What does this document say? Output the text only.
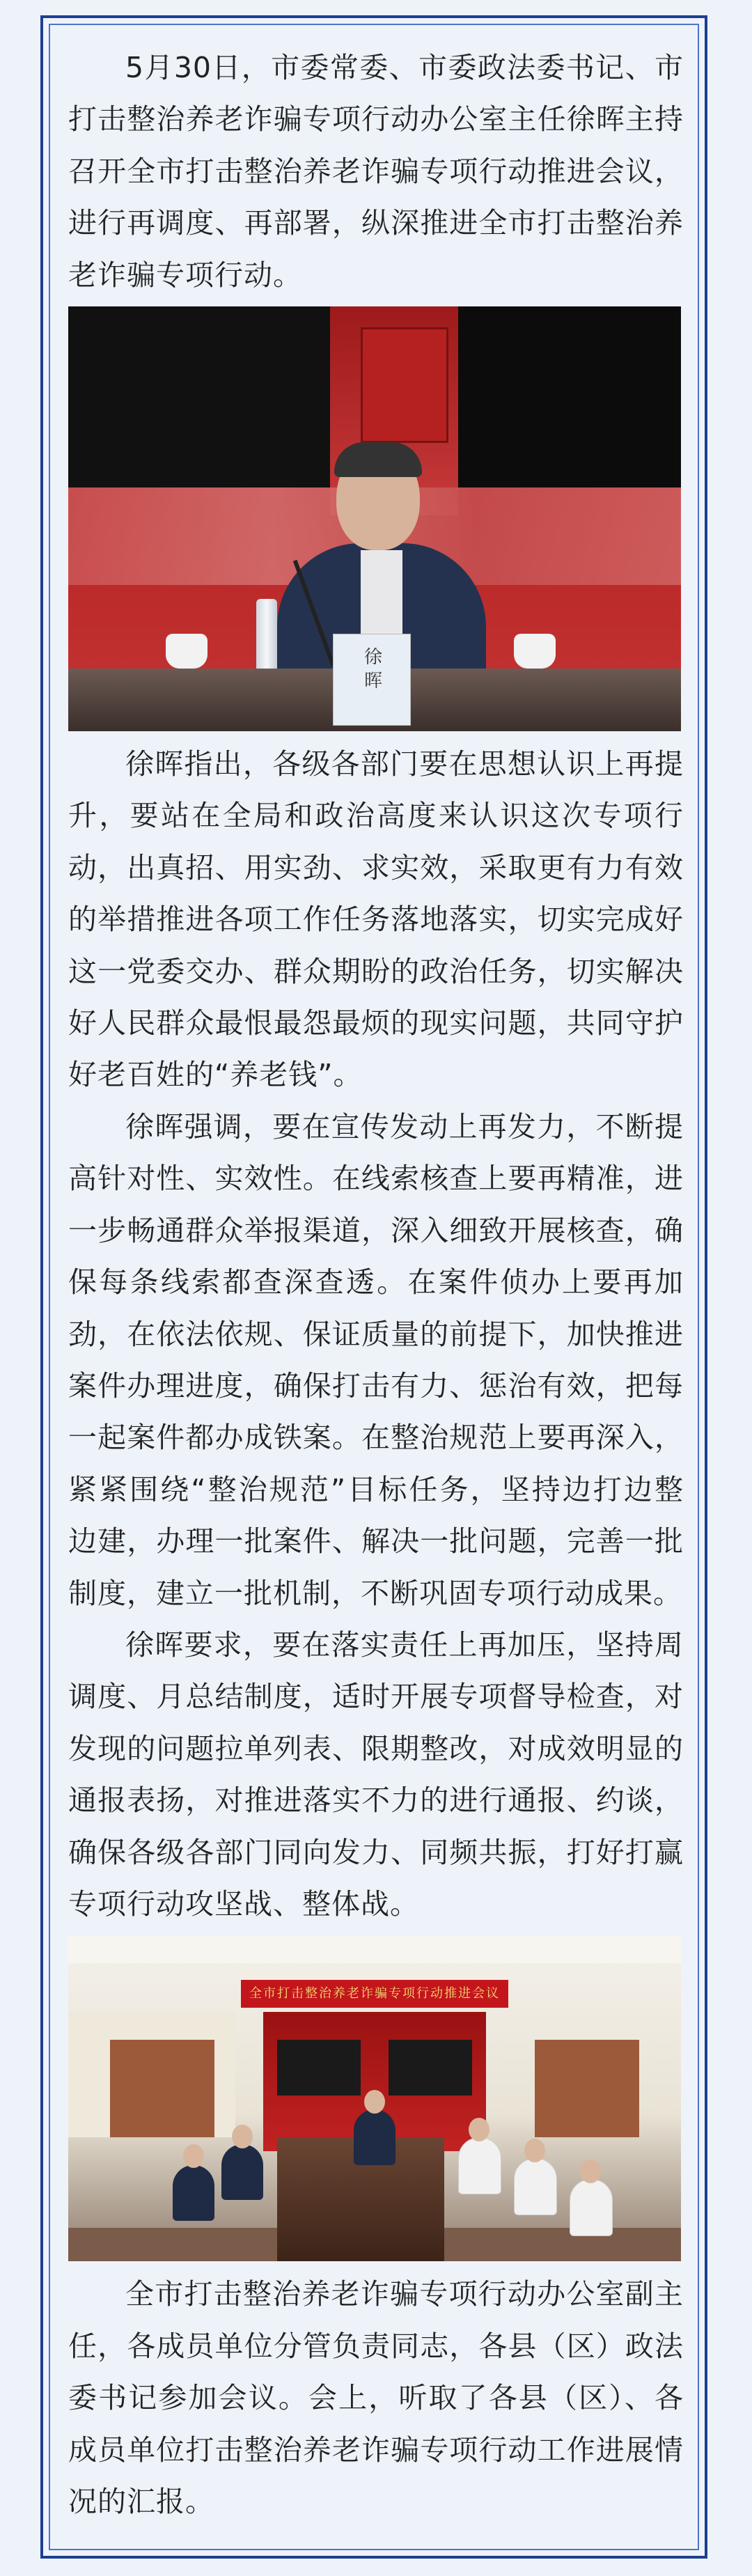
5月30日，市委常委、市委政法委书记、市打击整治养老诈骗专项行动办公室主任徐晖主持召开全市打击整治养老诈骗专项行动推进会议，进行再调度、再部署，纵深推进全市打击整治养老诈骗专项行动。

徐晖

徐晖指出，各级各部门要在思想认识上再提升，要站在全局和政治高度来认识这次专项行动，出真招、用实劲、求实效，采取更有力有效的举措推进各项工作任务落地落实，切实完成好这一党委交办、群众期盼的政治任务，切实解决好人民群众最恨最怨最烦的现实问题，共同守护好老百姓的“养老钱”。

徐晖强调，要在宣传发动上再发力，不断提高针对性、实效性。在线索核查上要再精准，进一步畅通群众举报渠道，深入细致开展核查，确保每条线索都查深查透。在案件侦办上要再加劲，在依法依规、保证质量的前提下，加快推进案件办理进度，确保打击有力、惩治有效，把每一起案件都办成铁案。在整治规范上要再深入，紧紧围绕“整治规范”目标任务，坚持边打边整边建，办理一批案件、解决一批问题，完善一批制度，建立一批机制，不断巩固专项行动成果。

徐晖要求，要在落实责任上再加压，坚持周调度、月总结制度，适时开展专项督导检查，对发现的问题拉单列表、限期整改，对成效明显的通报表扬，对推进落实不力的进行通报、约谈，确保各级各部门同向发力、同频共振，打好打赢专项行动攻坚战、整体战。

全市打击整治养老诈骗专项行动推进会议

全市打击整治养老诈骗专项行动办公室副主任，各成员单位分管负责同志，各县（区）政法委书记参加会议。会上，听取了各县（区）、各成员单位打击整治养老诈骗专项行动工作进展情况的汇报。
